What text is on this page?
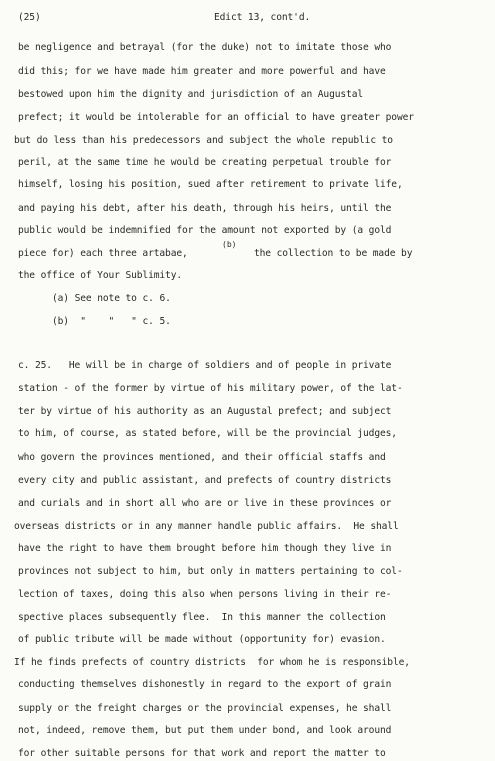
(25)	Edict 13, cont'd.
be negligence and betrayal (for the duke) not to imitate those who
did this; for we have made him greater and more powerful and have
bestowed upon him the dignity and jurisdiction of an Augustal
prefect; it would be intolerable for an official to have greater power
but do less than his predecessors and subject the whole republic to
peril, at the same time he would be creating perpetual trouble for
himself, losing his position, sued after retirement to private life,
and paying his debt, after his death, through his heirs, until the
public would be indemnified for the amount not exported by (a gold
piece for) each three artabae,
(b)
the collection to be made by
the office of Your Sublimity.
(a) See note to c. 6.
(b)  "    "   " c. 5.
c. 25.   He will be in charge of soldiers and of people in private
station - of the former by virtue of his military power, of the lat-
ter by virtue of his authority as an Augustal prefect; and subject
to him, of course, as stated before, will be the provincial judges,
who govern the provinces mentioned, and their official staffs and
every city and public assistant, and prefects of country districts
and curials and in short all who are or live in these provinces or
overseas districts or in any manner handle public affairs.  He shall
have the right to have them brought before him though they live in
provinces not subject to him, but only in matters pertaining to col-
lection of taxes, doing this also when persons living in their re-
spective places subsequently flee.  In this manner the collection
of public tribute will be made without (opportunity for) evasion.
If he finds prefects of country districts  for whom he is responsible,
conducting themselves dishonestly in regard to the export of grain
supply or the freight charges or the provincial expenses, he shall
not, indeed, remove them, but put them under bond, and look around
for other suitable persons for that work and report the matter to
